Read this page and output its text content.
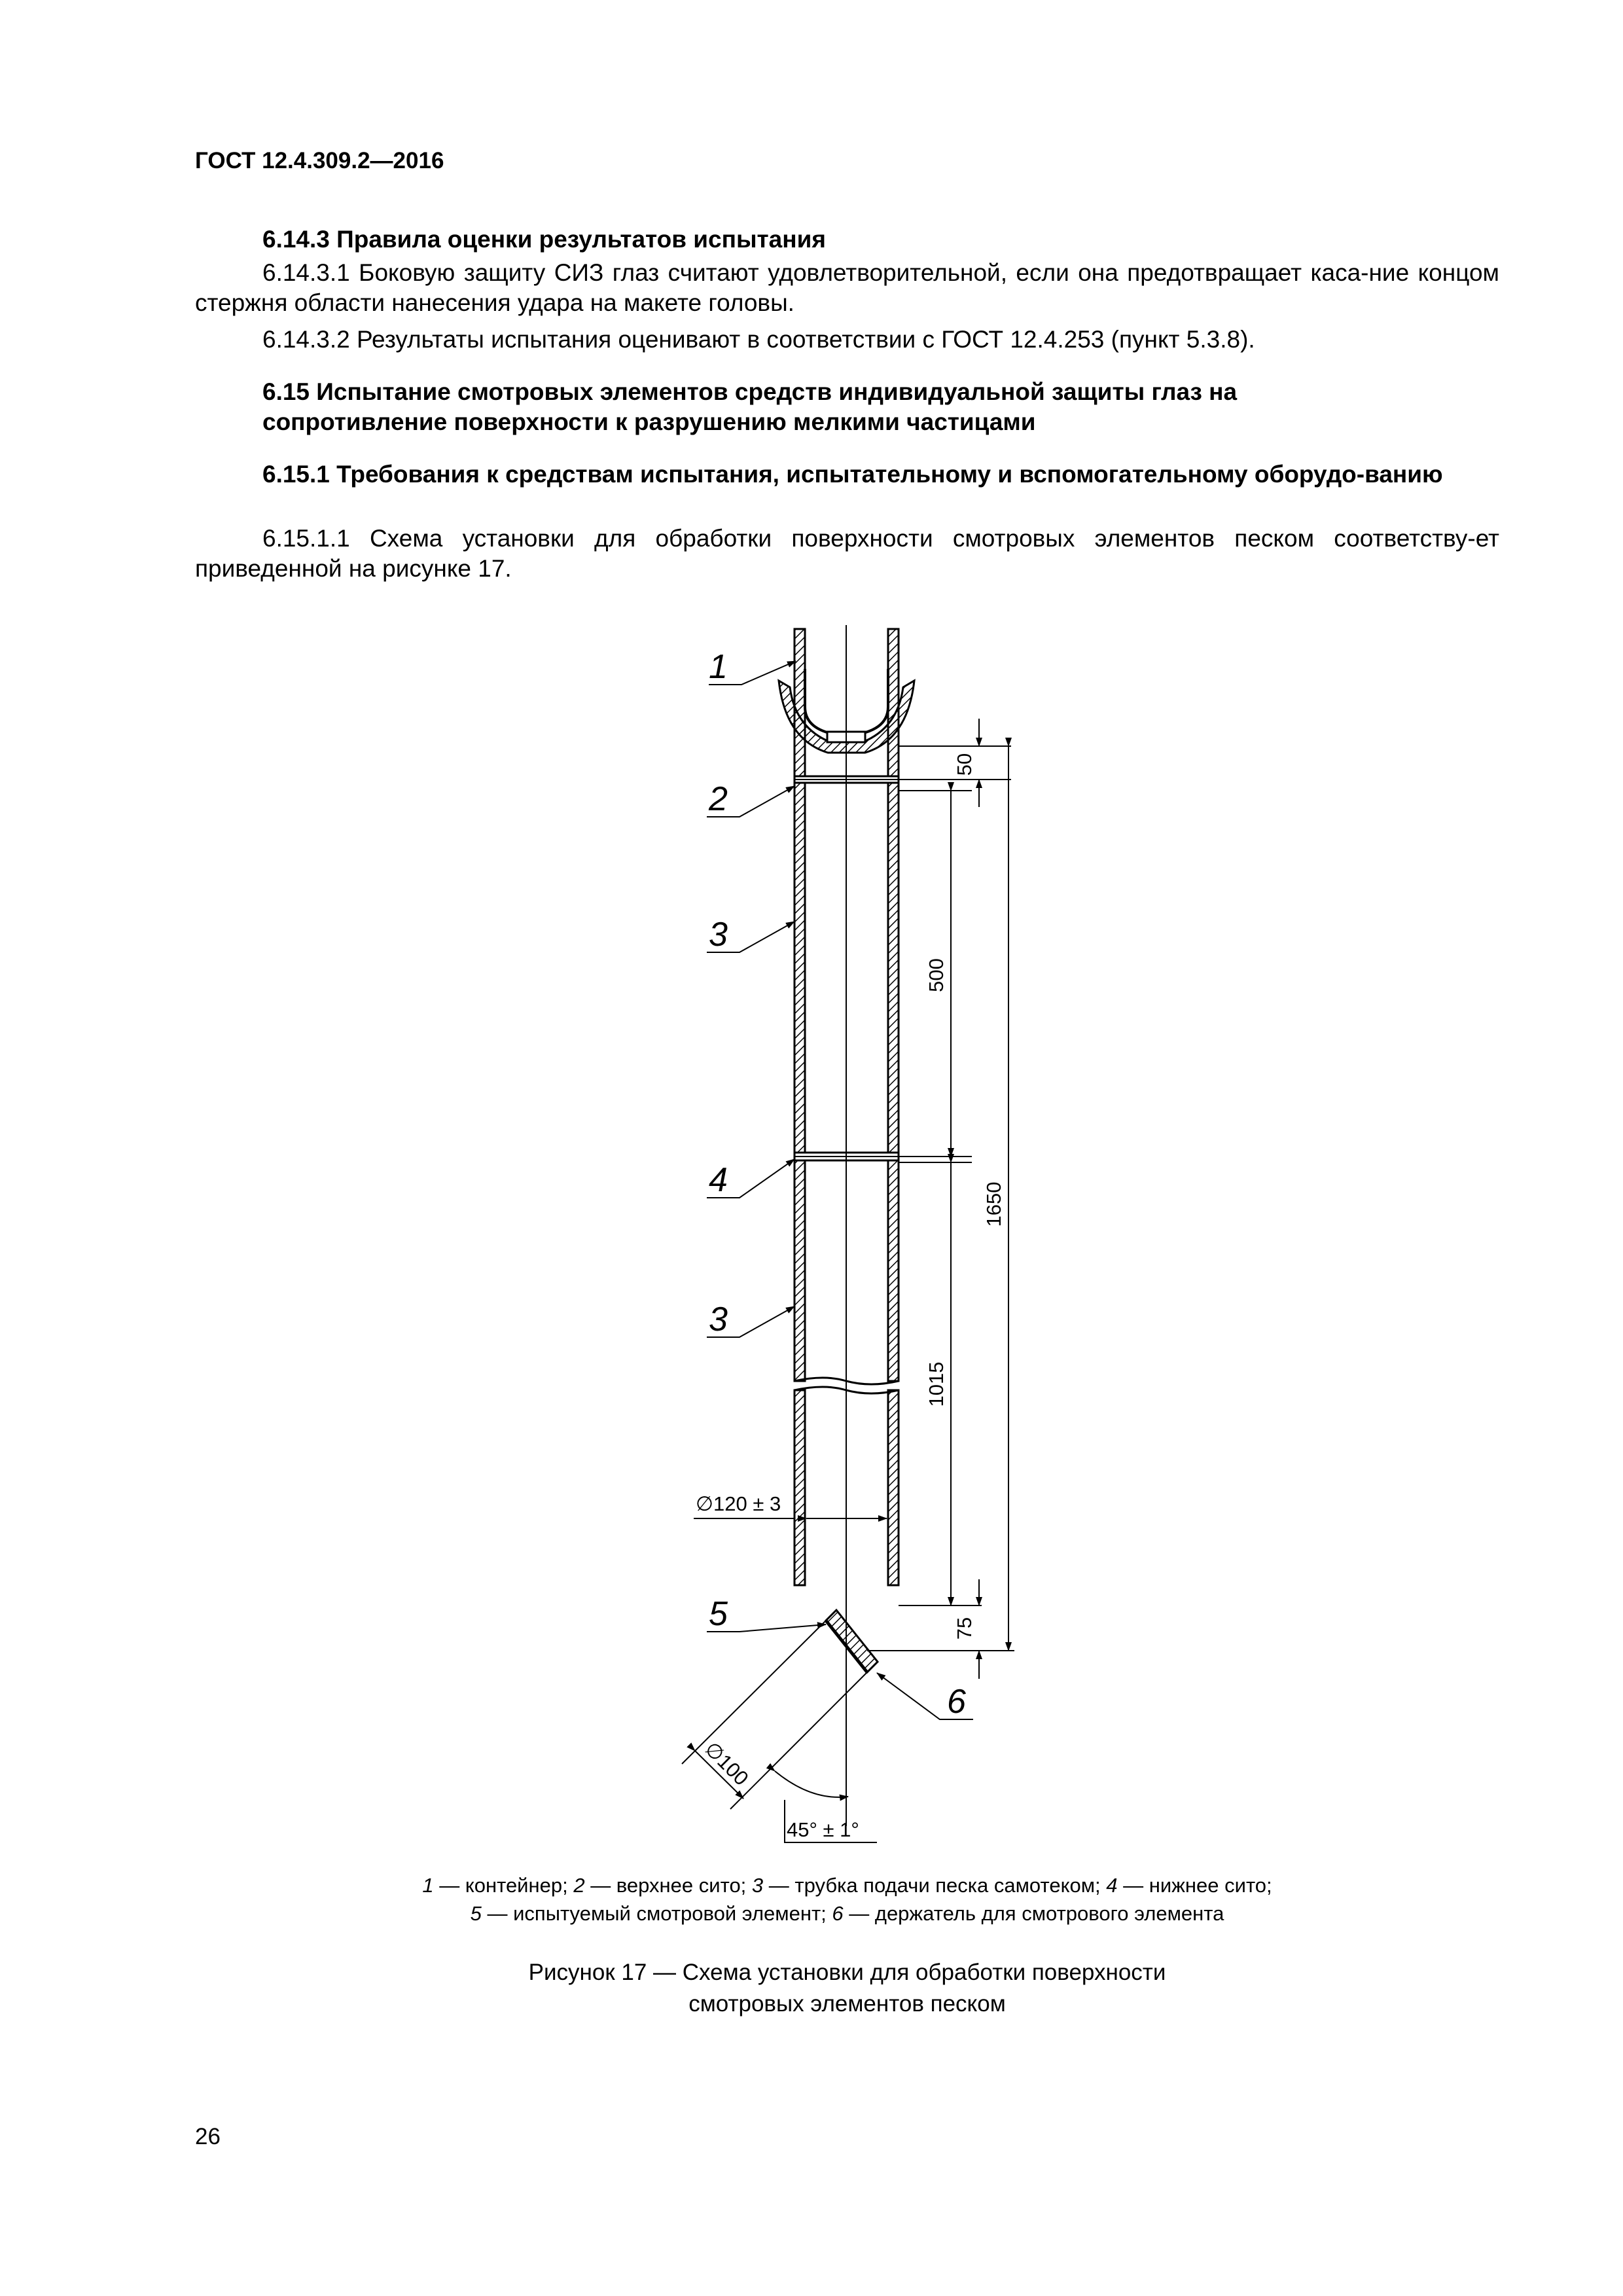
ГОСТ 12.4.309.2—2016
6.14.3 Правила оценки результатов испытания
6.14.3.1 Боковую защиту СИЗ глаз считают удовлетворительной, если она предотвращает каса-ние концом стержня области нанесения удара на макете головы.
6.14.3.2 Результаты испытания оценивают в соответствии с ГОСТ 12.4.253 (пункт 5.3.8).
6.15 Испытание смотровых элементов средств индивидуальной защиты глаз на сопротивление поверхности к разрушению мелкими частицами
6.15.1 Требования к средствам испытания, испытательному и вспомогательному оборудо-ванию
6.15.1.1 Схема установки для обработки поверхности смотровых элементов песком соответству-ет приведенной на рисунке 17.
1
2
3
4
3
5
6
50
500
1650
1015
75
∅120 ± 3
∅100
45° ± 1°
1 — контейнер; 2 — верхнее сито; 3 — трубка подачи песка самотеком; 4 — нижнее сито;
5 — испытуемый смотровой элемент; 6 — держатель для смотрового элемента
Рисунок 17 — Схема установки для обработки поверхности
смотровых элементов песком
26
